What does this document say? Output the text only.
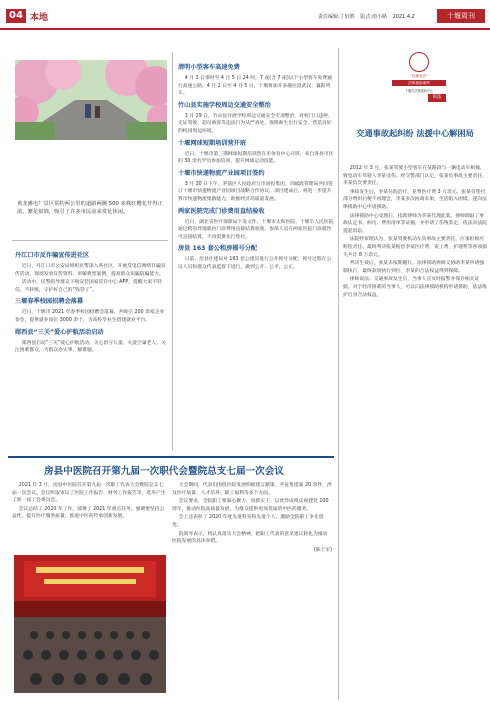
04 本地	责任编辑:丁佰胜 版式:雨小路 2021.4.2	十堰周刊
黄龙滩电厂景区常约两公里的道路两侧 500 多株红樱花开得正浓，繁花似锦，吸引了许多市民前来赏花休闲。
丹江口市反诈骗宣传进社区

近日，丹江口市公安局组织民警深入各社区，开展反电信网络诈骗宣传活动，现场发放宣传资料、讲解典型案例，提高群众识骗防骗能力。

活动中，民警指导群众下载安装国家反诈中心 APP，提醒大家不轻信、不转账，守护好自己的“钱袋子”。

三堰春季校园招聘会落幕

近日，十堰市 2021 年春季校园招聘会落幕，共吸引 200 余家企业参会，提供就业岗位 3000 余个，为高校毕业生搭建就业平台。

郧西县“三关”爱心护航活动启动

郧西县启动“三关”爱心护航活动，关心留守儿童、关爱空巢老人、关注困难群众，为群众办实事、解难题。

清明小型客车高速免费

4 月 3 日零时至 4 月 5 日 24 时，7 座(含 7 座)以下小型客车免费通行高速公路。4 月 2 日至 4 月 5 日，十堰将加开多趟往返武汉、襄阳列车。

竹山县实施学校周边交通安全整治

3 月 29 日，竹山县开展学校周边交通安全专项整治，对校门口违停、无证驾驶、超员载客等违法行为从严查处，保障师生出行安全，营造良好的校园周边环境。

十堰网球短期培训营开班

近日，十堰市第三期网球短期培训营在市体育中心开班，来自各县市区的 30 余名学员参加培训，提升网球运动技能。

十堰市快递物流产业园项目签约

3 月 30 日下午，茅箭区人民政府与市国投集团、市邮政管理局共同签订十堰市快递物流产业园项目战略合作协议。项目建成后，将进一步提升我市快递物流集散能力，助推经济高质量发展。

两家医院完成门诊费用直结验收

近日，湖北省医疗保障局下发文件，十堰市太和医院、十堰市人民医院通过跨省异地就医门诊费用直接结算验收，参保人员在两家医院门诊就医可直接结算，不再需要先行垫付。

房县 163 套公租房摇号分配

日前，房县住建局对 163 套公租房进行公开摇号分配，摇号过程在公证人员和群众代表监督下进行，做到公开、公平、公正。

“以案说法”
法律援助案例
十堰市法律援助中心
说法
交通事故起纠纷 法援中心解困局

2012 年 3 月，张某驾驶小型客车在某路段与一辆电动车相撞，致电动车驾驶人李某受伤。经交警部门认定，张某负事故主要责任，李某负次要责任。

事故发生后，李某住院治疗，花费医疗费 3 万余元。张某仅垫付部分费用后便不再理会，李某多次协商未果，生活陷入困境，遂向法律援助中心申请援助。

法律援助中心受理后，指派律师为李某代理此案。律师调取了事故认定书、病历、费用清单等证据，并申请了伤残鉴定，依法向法院提起诉讼。

法院经审理认为，张某驾驶机动车负事故主要责任，应承担相应赔偿责任。最终判决张某赔偿李某医疗费、误工费、护理费等各项损失共计 8 万余元。

判决生效后，张某未按期履行。法律援助律师又协助李某申请强制执行，最终款项执行到位，李某的合法权益得到保障。

律师说法：交通事故发生后，当事人应及时报警并保存相关证据。对于经济困难的当事人，可以向法律援助机构申请援助，依法维护自身合法权益。

房县中医院召开第九届一次职代会暨院总支七届一次会议

2021 年 3 月，房县中医院召开第九届一次职工代表大会暨院总支七届一次会议。会议听取审议了医院工作报告、财务工作报告等，选举产生了新一届工会委员会。

会议总结了 2020 年工作，部署了 2021 年重点任务，强调要坚持公益性，提升医疗服务质量，推进中医药传承创新发展。

大会期间，代表们围绕医院发展积极建言献策，共征集提案 20 余件，涉及医疗质量、人才培养、职工福利等多个方面。

会议要求，全院职工要凝心聚力、真抓实干，以优异成绩庆祝建党 100 周年，推动医院高质量发展，为群众提供更加优质的中医药服务。

会上还表彰了 2020 年度先进科室和先进个人，激励全院职工争先创优。

院领导表示，将认真落实大会精神，把职工代表的意见建议转化为推动医院发展的具体举措。

(陈士军)
